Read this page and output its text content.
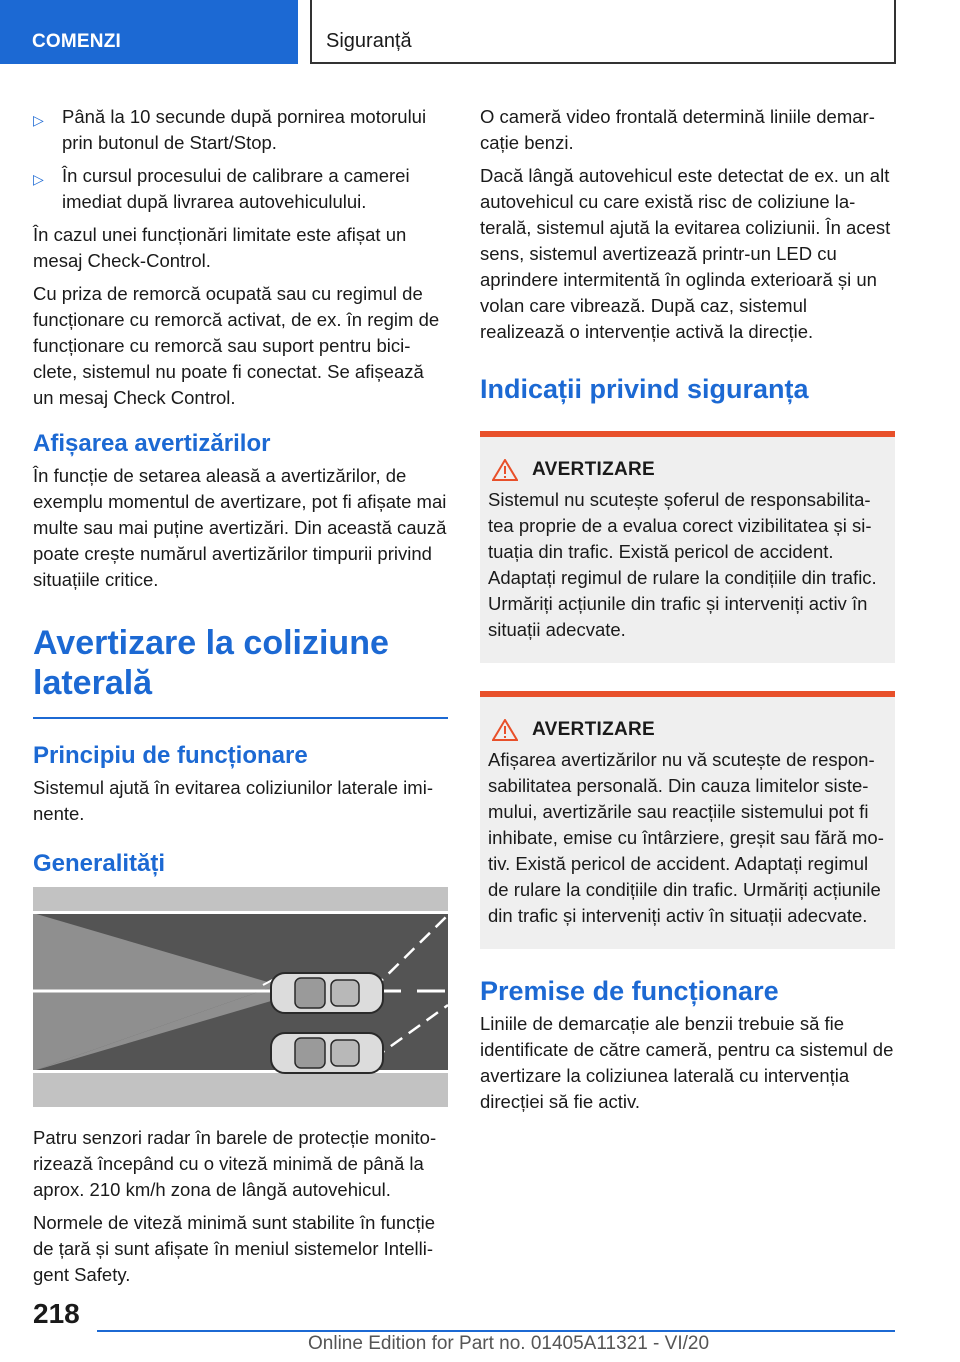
COMENZI	Siguranță
▷ Până la 10 secunde după pornirea motorului prin butonul de Start/Stop.
▷ În cursul procesului de calibrare a camerei imediat după livrarea autovehiculului.

În cazul unei funcționări limitate este afișat un mesaj Check-Control.

Cu priza de remorcă ocupată sau cu regimul de funcționare cu remorcă activat, de ex. în regim de funcționare cu remorcă sau suport pentru biciclete, sistemul nu poate fi conectat. Se afișează un mesaj Check Control.

Afișarea avertizărilor

În funcție de setarea aleasă a avertizărilor, de exemplu momentul de avertizare, pot fi afișate mai multe sau mai puține avertizări. Din această cauză poate crește numărul avertizărilor timpurii privind situațiile critice.

Avertizare la coliziune laterală
Principiu de funcționare

Sistemul ajută în evitarea coliziunilor laterale iminente.

Generalități

Patru senzori radar în barele de protecție monitorizează începând cu o viteză minimă de până la aprox. 210 km/h zona de lângă autovehicul.

Normele de viteză minimă sunt stabilite în funcție de țară și sunt afișate în meniul sistemelor Intelligent Safety.

O cameră video frontală determină liniile demarcație benzi.

Dacă lângă autovehicul este detectat de ex. un alt autovehicul cu care există risc de coliziune laterală, sistemul ajută la evitarea coliziunii. În acest sens, sistemul avertizează printr-un LED cu aprindere intermitentă în oglinda exterioară și un volan care vibrează. După caz, sistemul realizează o intervenție activă la direcție.

Indicații privind siguranța
AVERTIZARE

Sistemul nu scutește șoferul de responsabilitatea proprie de a evalua corect vizibilitatea și situația din trafic. Există pericol de accident. Adaptați regimul de rulare la condițiile din trafic. Urmăriți acțiunile din trafic și interveniți activ în situații adecvate.

AVERTIZARE

Afișarea avertizărilor nu vă scutește de responsabilitatea personală. Din cauza limitelor sistemului, avertizările sau reacțiile sistemului pot fi inhibate, emise cu întârziere, greșit sau fără motiv. Există pericol de accident. Adaptați regimul de rulare la condițiile din trafic. Urmăriți acțiunile din trafic și interveniți activ în situații adecvate.

Premise de funcționare

Liniile de demarcație ale benzii trebuie să fie identificate de către cameră, pentru ca sistemul de avertizare la coliziunea laterală cu intervenția direcției să fie activ.

218
Online Edition for Part no. 01405A11321 - VI/20
